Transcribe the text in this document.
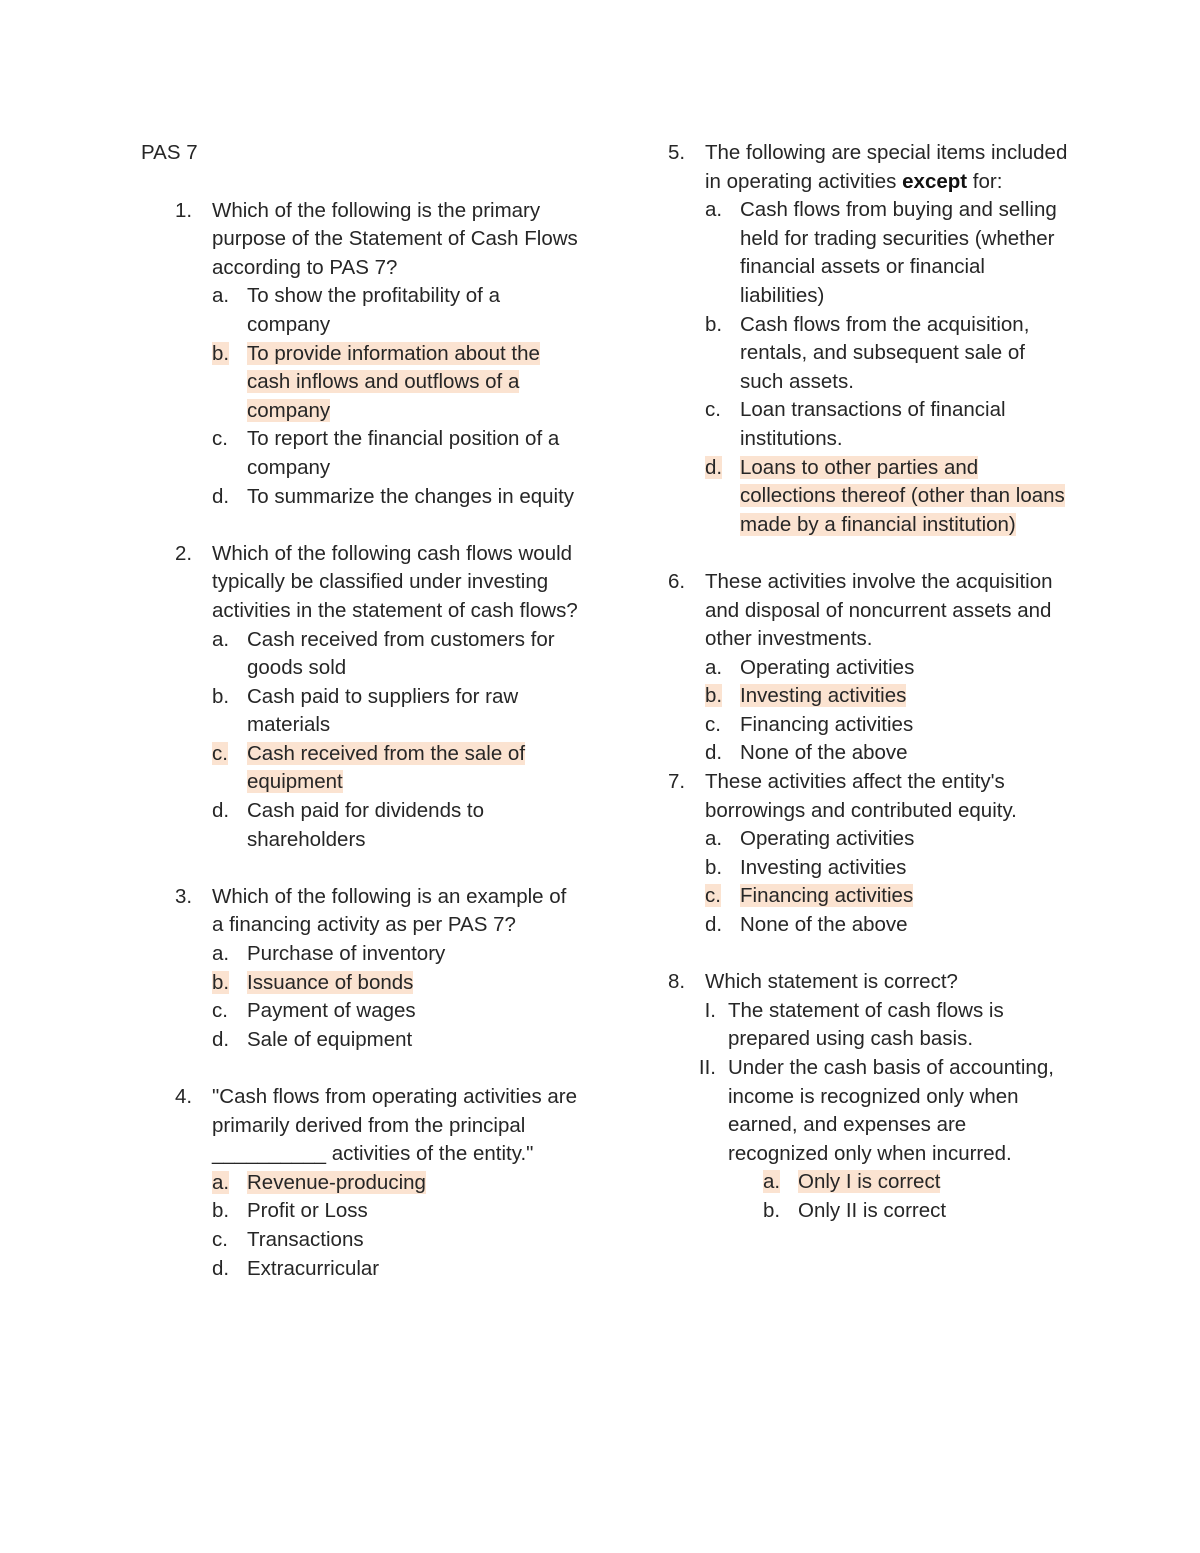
PAS 7
1. Which of the following is the primary purpose of the Statement of Cash Flows according to PAS 7?
a. To show the profitability of a company
b. To provide information about the cash inflows and outflows of a company
c. To report the financial position of a company
d. To summarize the changes in equity
2. Which of the following cash flows would typically be classified under investing activities in the statement of cash flows?
a. Cash received from customers for goods sold
b. Cash paid to suppliers for raw materials
c. Cash received from the sale of equipment
d. Cash paid for dividends to shareholders
3. Which of the following is an example of a financing activity as per PAS 7?
a. Purchase of inventory
b. Issuance of bonds
c. Payment of wages
d. Sale of equipment
4. "Cash flows from operating activities are primarily derived from the principal __________ activities of the entity."
a. Revenue-producing
b. Profit or Loss
c. Transactions
d. Extracurricular
5. The following are special items included in operating activities except for:
a. Cash flows from buying and selling held for trading securities (whether financial assets or financial liabilities)
b. Cash flows from the acquisition, rentals, and subsequent sale of such assets.
c. Loan transactions of financial institutions.
d. Loans to other parties and collections thereof (other than loans made by a financial institution)
6. These activities involve the acquisition and disposal of noncurrent assets and other investments.
a. Operating activities
b. Investing activities
c. Financing activities
d. None of the above
7. These activities affect the entity's borrowings and contributed equity.
a. Operating activities
b. Investing activities
c. Financing activities
d. None of the above
8. Which statement is correct?
I. The statement of cash flows is prepared using cash basis.
II. Under the cash basis of accounting, income is recognized only when earned, and expenses are recognized only when incurred.
a. Only I is correct
b. Only II is correct
